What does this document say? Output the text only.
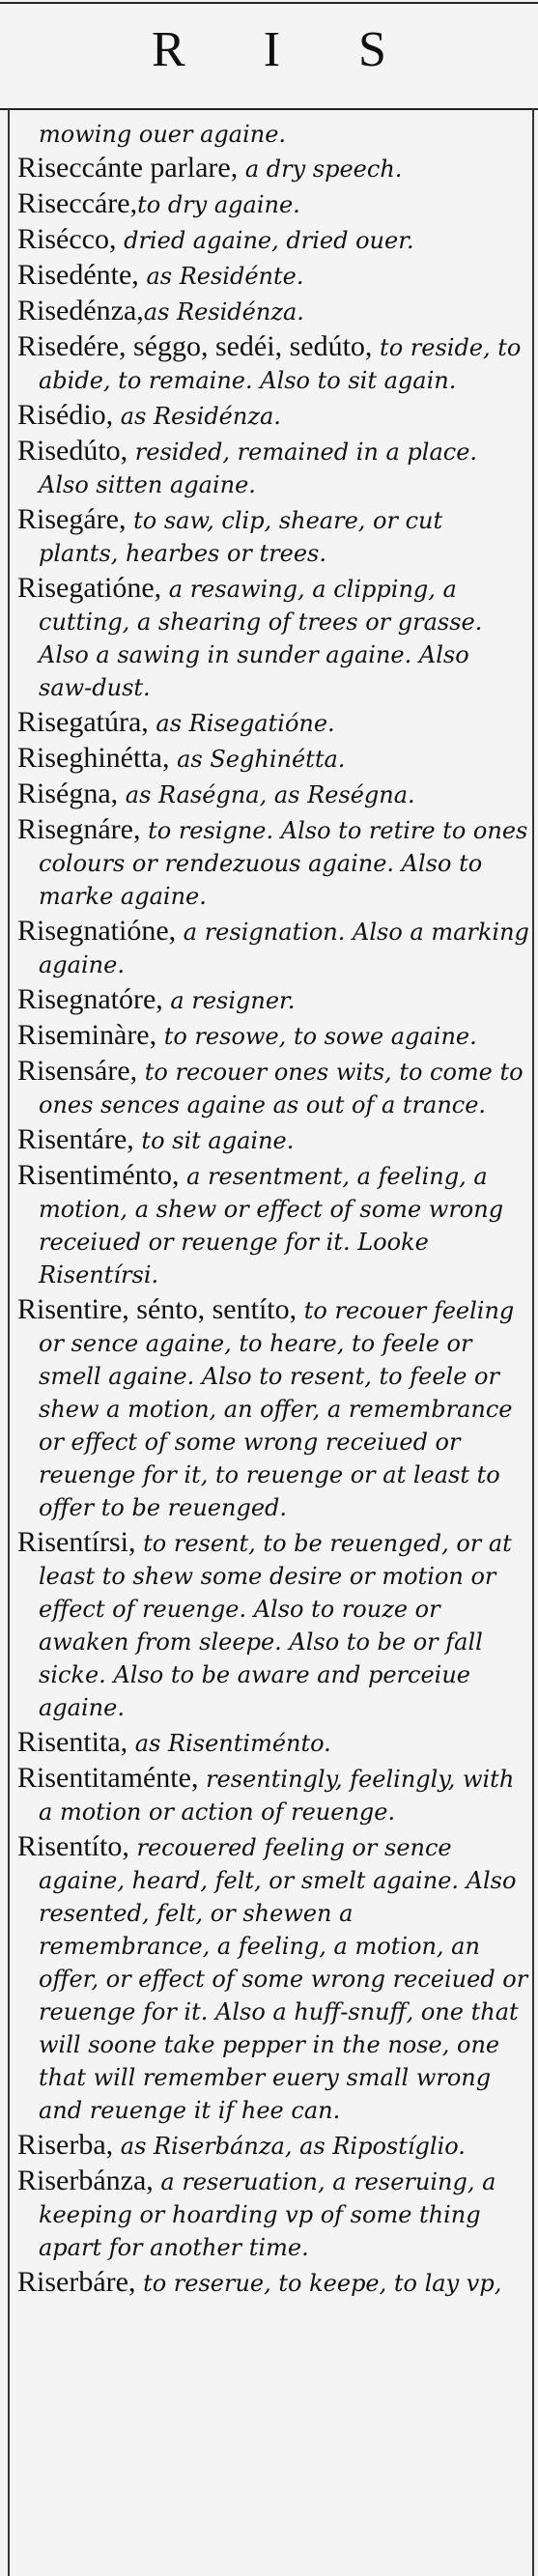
R I S
mowing ouer againe.
Riseccánte parlare, a dry speech.
Riseccáre,to dry againe.
Risécco, dried againe, dried ouer.
Risedénte, as Residénte.
Risedénza,as Residénza.
Risedére, séggo, sedéi, sedúto, to reside, to abide, to remaine. Also to sit again.
Risédio, as Residénza.
Risedúto, resided, remained in a place. Also sitten againe.
Risegáre, to saw, clip, sheare, or cut plants, hearbes or trees.
Risegatióne, a resawing, a clipping, a cutting, a shearing of trees or grasse. Also a sawing in sunder againe. Also saw-dust.
Risegatúra, as Risegatióne.
Riseghinétta, as Seghinétta.
Riségna, as Raségna, as Reségna.
Risegnáre, to resigne. Also to retire to ones colours or rendezuous againe. Also to marke againe.
Risegnatióne, a resignation. Also a marking againe.
Risegnatóre, a resigner.
Riseminàre, to resowe, to sowe againe.
Risensáre, to recouer ones wits, to come to ones sences againe as out of a trance.
Risentáre, to sit againe.
Risentiménto, a resentment, a feeling, a motion, a shew or effect of some wrong receiued or reuenge for it. Looke Risentírsi.
Risentire, sénto, sentíto, to recouer feeling or sence againe, to heare, to feele or smell againe. Also to resent, to feele or shew a motion, an offer, a remembrance or effect of some wrong receiued or reuenge for it, to reuenge or at least to offer to be reuenged.
Risentírsi, to resent, to be reuenged, or at least to shew some desire or motion or effect of reuenge. Also to rouze or awaken from sleepe. Also to be or fall sicke. Also to be aware and perceiue againe.
Risentita, as Risentiménto.
Risentitaménte, resentingly, feelingly, with a motion or action of reuenge.
Risentíto, recouered feeling or sence againe, heard, felt, or smelt againe. Also resented, felt, or shewen a remembrance, a feeling, a motion, an offer, or effect of some wrong receiued or reuenge for it. Also a huff-snuff, one that will soone take pepper in the nose, one that will remember euery small wrong and reuenge it if hee can.
Riserba, as Riserbánza, as Ripostíglio.
Riserbánza, a reseruation, a reseruing, a keeping or hoarding vp of some thing apart for another time.
Riserbáre, to reserue, to keepe, to lay vp,
